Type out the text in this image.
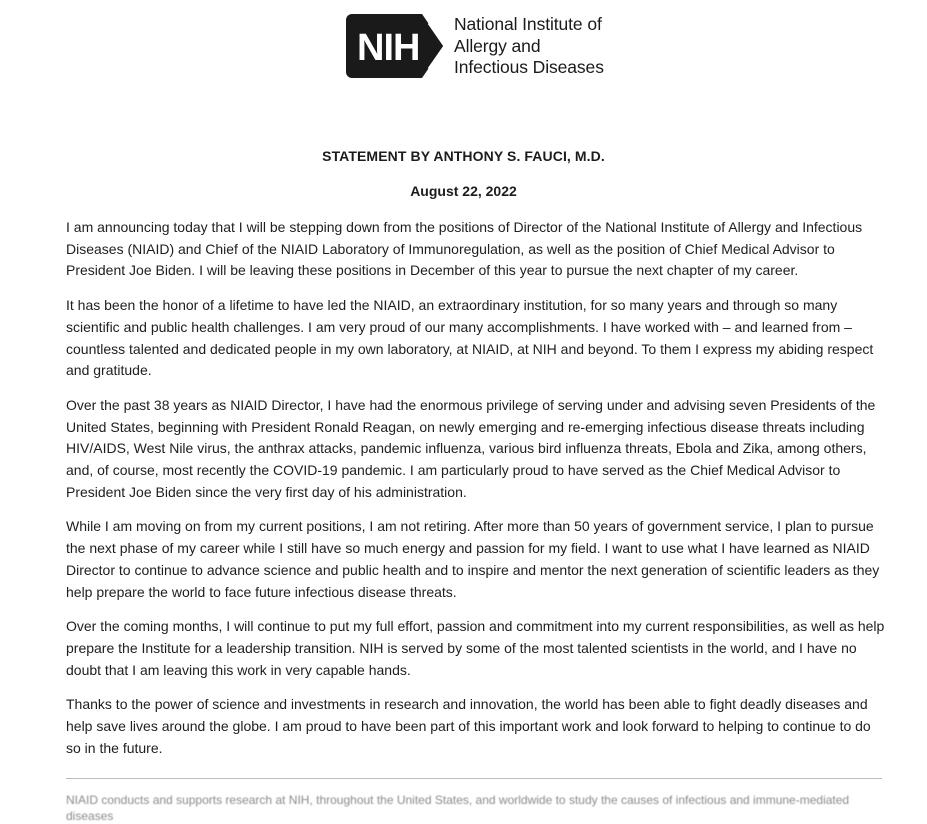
NIH
National Institute of
Allergy and
Infectious Diseases
STATEMENT BY ANTHONY S. FAUCI, M.D.
August 22, 2022

I am announcing today that I will be stepping down from the positions of Director of the National Institute of Allergy and Infectious Diseases (NIAID) and Chief of the NIAID Laboratory of Immunoregulation, as well as the position of Chief Medical Advisor to President Joe Biden. I will be leaving these positions in December of this year to pursue the next chapter of my career.

It has been the honor of a lifetime to have led the NIAID, an extraordinary institution, for so many years and through so many scientific and public health challenges. I am very proud of our many accomplishments. I have worked with – and learned from – countless talented and dedicated people in my own laboratory, at NIAID, at NIH and beyond. To them I express my abiding respect and gratitude.

Over the past 38 years as NIAID Director, I have had the enormous privilege of serving under and advising seven Presidents of the United States, beginning with President Ronald Reagan, on newly emerging and re-emerging infectious disease threats including HIV/AIDS, West Nile virus, the anthrax attacks, pandemic influenza, various bird influenza threats, Ebola and Zika, among others, and, of course, most recently the COVID-19 pandemic. I am particularly proud to have served as the Chief Medical Advisor to President Joe Biden since the very first day of his administration.

While I am moving on from my current positions, I am not retiring. After more than 50 years of government service, I plan to pursue the next phase of my career while I still have so much energy and passion for my field. I want to use what I have learned as NIAID Director to continue to advance science and public health and to inspire and mentor the next generation of scientific leaders as they help prepare the world to face future infectious disease threats.

Over the coming months, I will continue to put my full effort, passion and commitment into my current responsibilities, as well as help prepare the Institute for a leadership transition. NIH is served by some of the most talented scientists in the world, and I have no doubt that I am leaving this work in very capable hands.

Thanks to the power of science and investments in research and innovation, the world has been able to fight deadly diseases and help save lives around the globe. I am proud to have been part of this important work and look forward to helping to continue to do so in the future.

NIAID conducts and supports research at NIH, throughout the United States, and worldwide to study the causes of infectious and immune-mediated diseases
